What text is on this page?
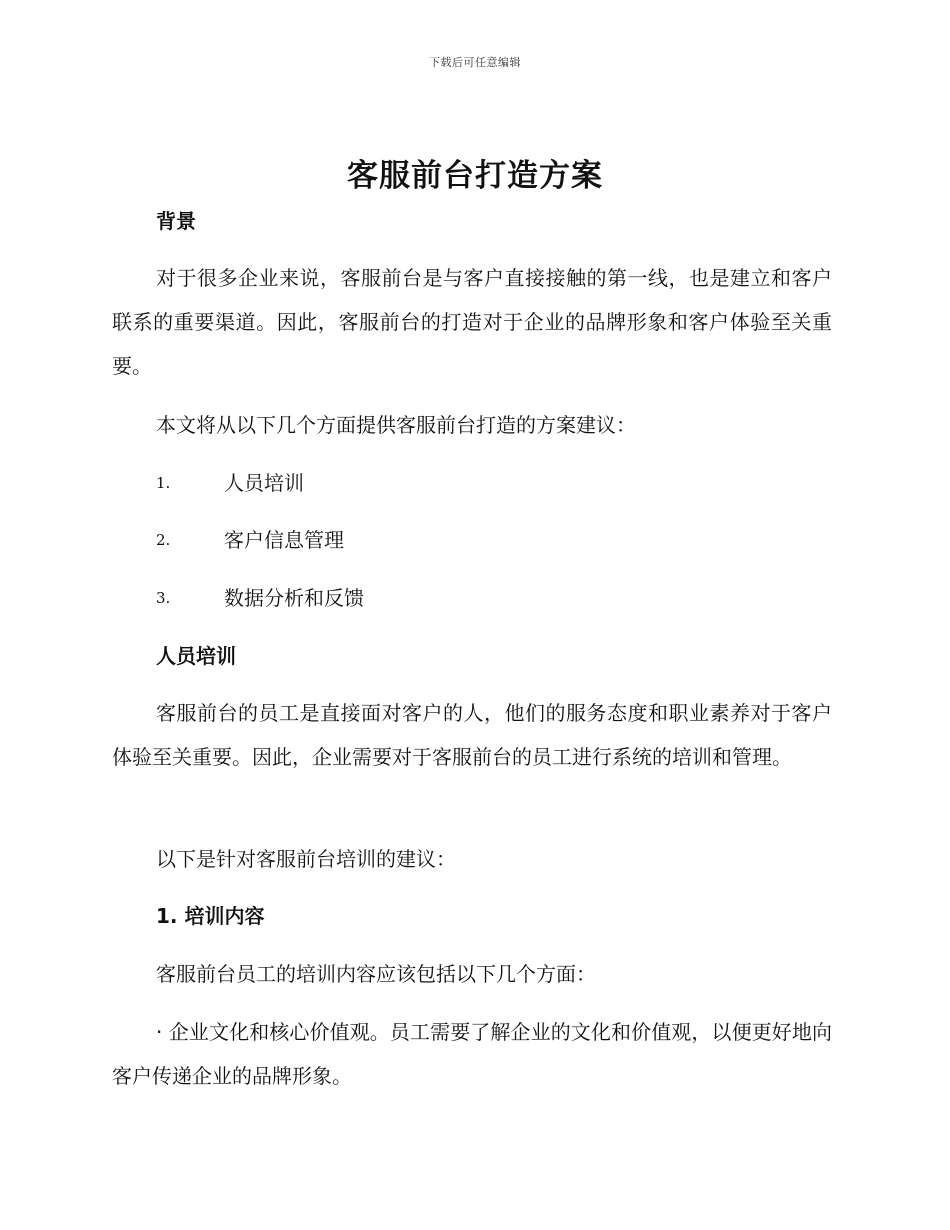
下载后可任意编辑
客服前台打造方案
背景
对于很多企业来说，客服前台是与客户直接接触的第一线，也是建立和客户联系的重要渠道。因此，客服前台的打造对于企业的品牌形象和客户体验至关重要。
本文将从以下几个方面提供客服前台打造的方案建议：
1.	人员培训
2.	客户信息管理
3.	数据分析和反馈
人员培训
客服前台的员工是直接面对客户的人，他们的服务态度和职业素养对于客户体验至关重要。因此，企业需要对于客服前台的员工进行系统的培训和管理。
以下是针对客服前台培训的建议：
1. 培训内容
客服前台员工的培训内容应该包括以下几个方面：
· 企业文化和核心价值观。员工需要了解企业的文化和价值观，以便更好地向客户传递企业的品牌形象。
